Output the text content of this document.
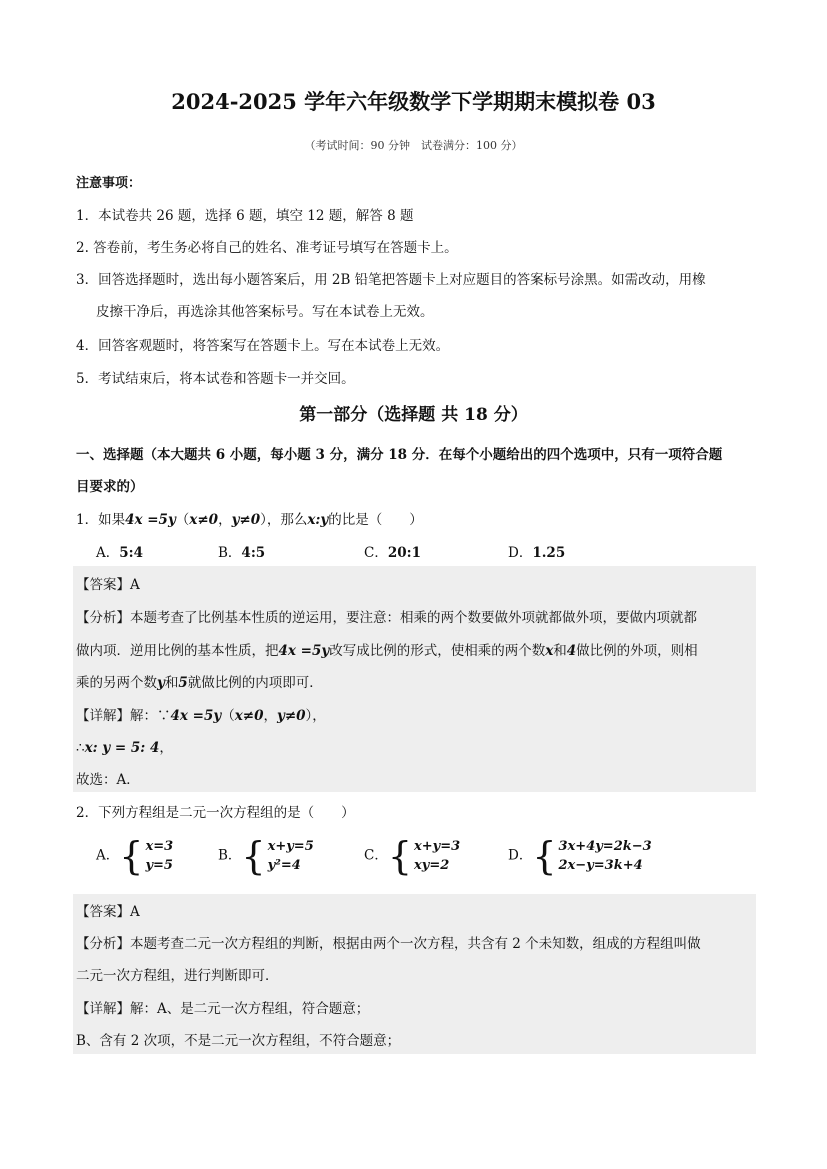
2024-2025 学年六年级数学下学期期末模拟卷 03
（考试时间：90 分钟　试卷满分：100 分）
注意事项：
1．本试卷共 26 题，选择 6 题，填空 12 题，解答 8 题
2. 答卷前，考生务必将自己的姓名、准考证号填写在答题卡上。
3．回答选择题时，选出每小题答案后，用 2B 铅笔把答题卡上对应题目的答案标号涂黑。如需改动，用橡
皮擦干净后，再选涂其他答案标号。写在本试卷上无效。
4．回答客观题时，将答案写在答题卡上。写在本试卷上无效。
5．考试结束后，将本试卷和答题卡一并交回。
第一部分（选择题 共 18 分）
一、选择题（本大题共 6 小题，每小题 3 分，满分 18 分．在每个小题给出的四个选项中，只有一项符合题
目要求的）
1．如果4x =5y（x≠0，y≠0），那么x:y的比是（　　）
A．5:4	B．4:5	C．20:1	D．1.25
【答案】A
【分析】本题考查了比例基本性质的逆运用，要注意：相乘的两个数要做外项就都做外项，要做内项就都
做内项．逆用比例的基本性质，把4x =5y改写成比例的形式，使相乘的两个数x和4做比例的外项，则相
乘的另两个数y和5就做比例的内项即可．
【详解】解：∵4x =5y（x≠0，y≠0），
∴x: y = 5: 4，
故选：A．
2．下列方程组是二元一次方程组的是（　　）
A． { x=3
y=5
B． { x+y=5
y²=4
C． { x+y=3
xy=2
D． { 3x+4y=2k−3
2x−y=3k+4
【答案】A
【分析】本题考查二元一次方程组的判断，根据由两个一次方程，共含有 2 个未知数，组成的方程组叫做
二元一次方程组，进行判断即可．
【详解】解：A、是二元一次方程组，符合题意；
B、含有 2 次项，不是二元一次方程组，不符合题意；
